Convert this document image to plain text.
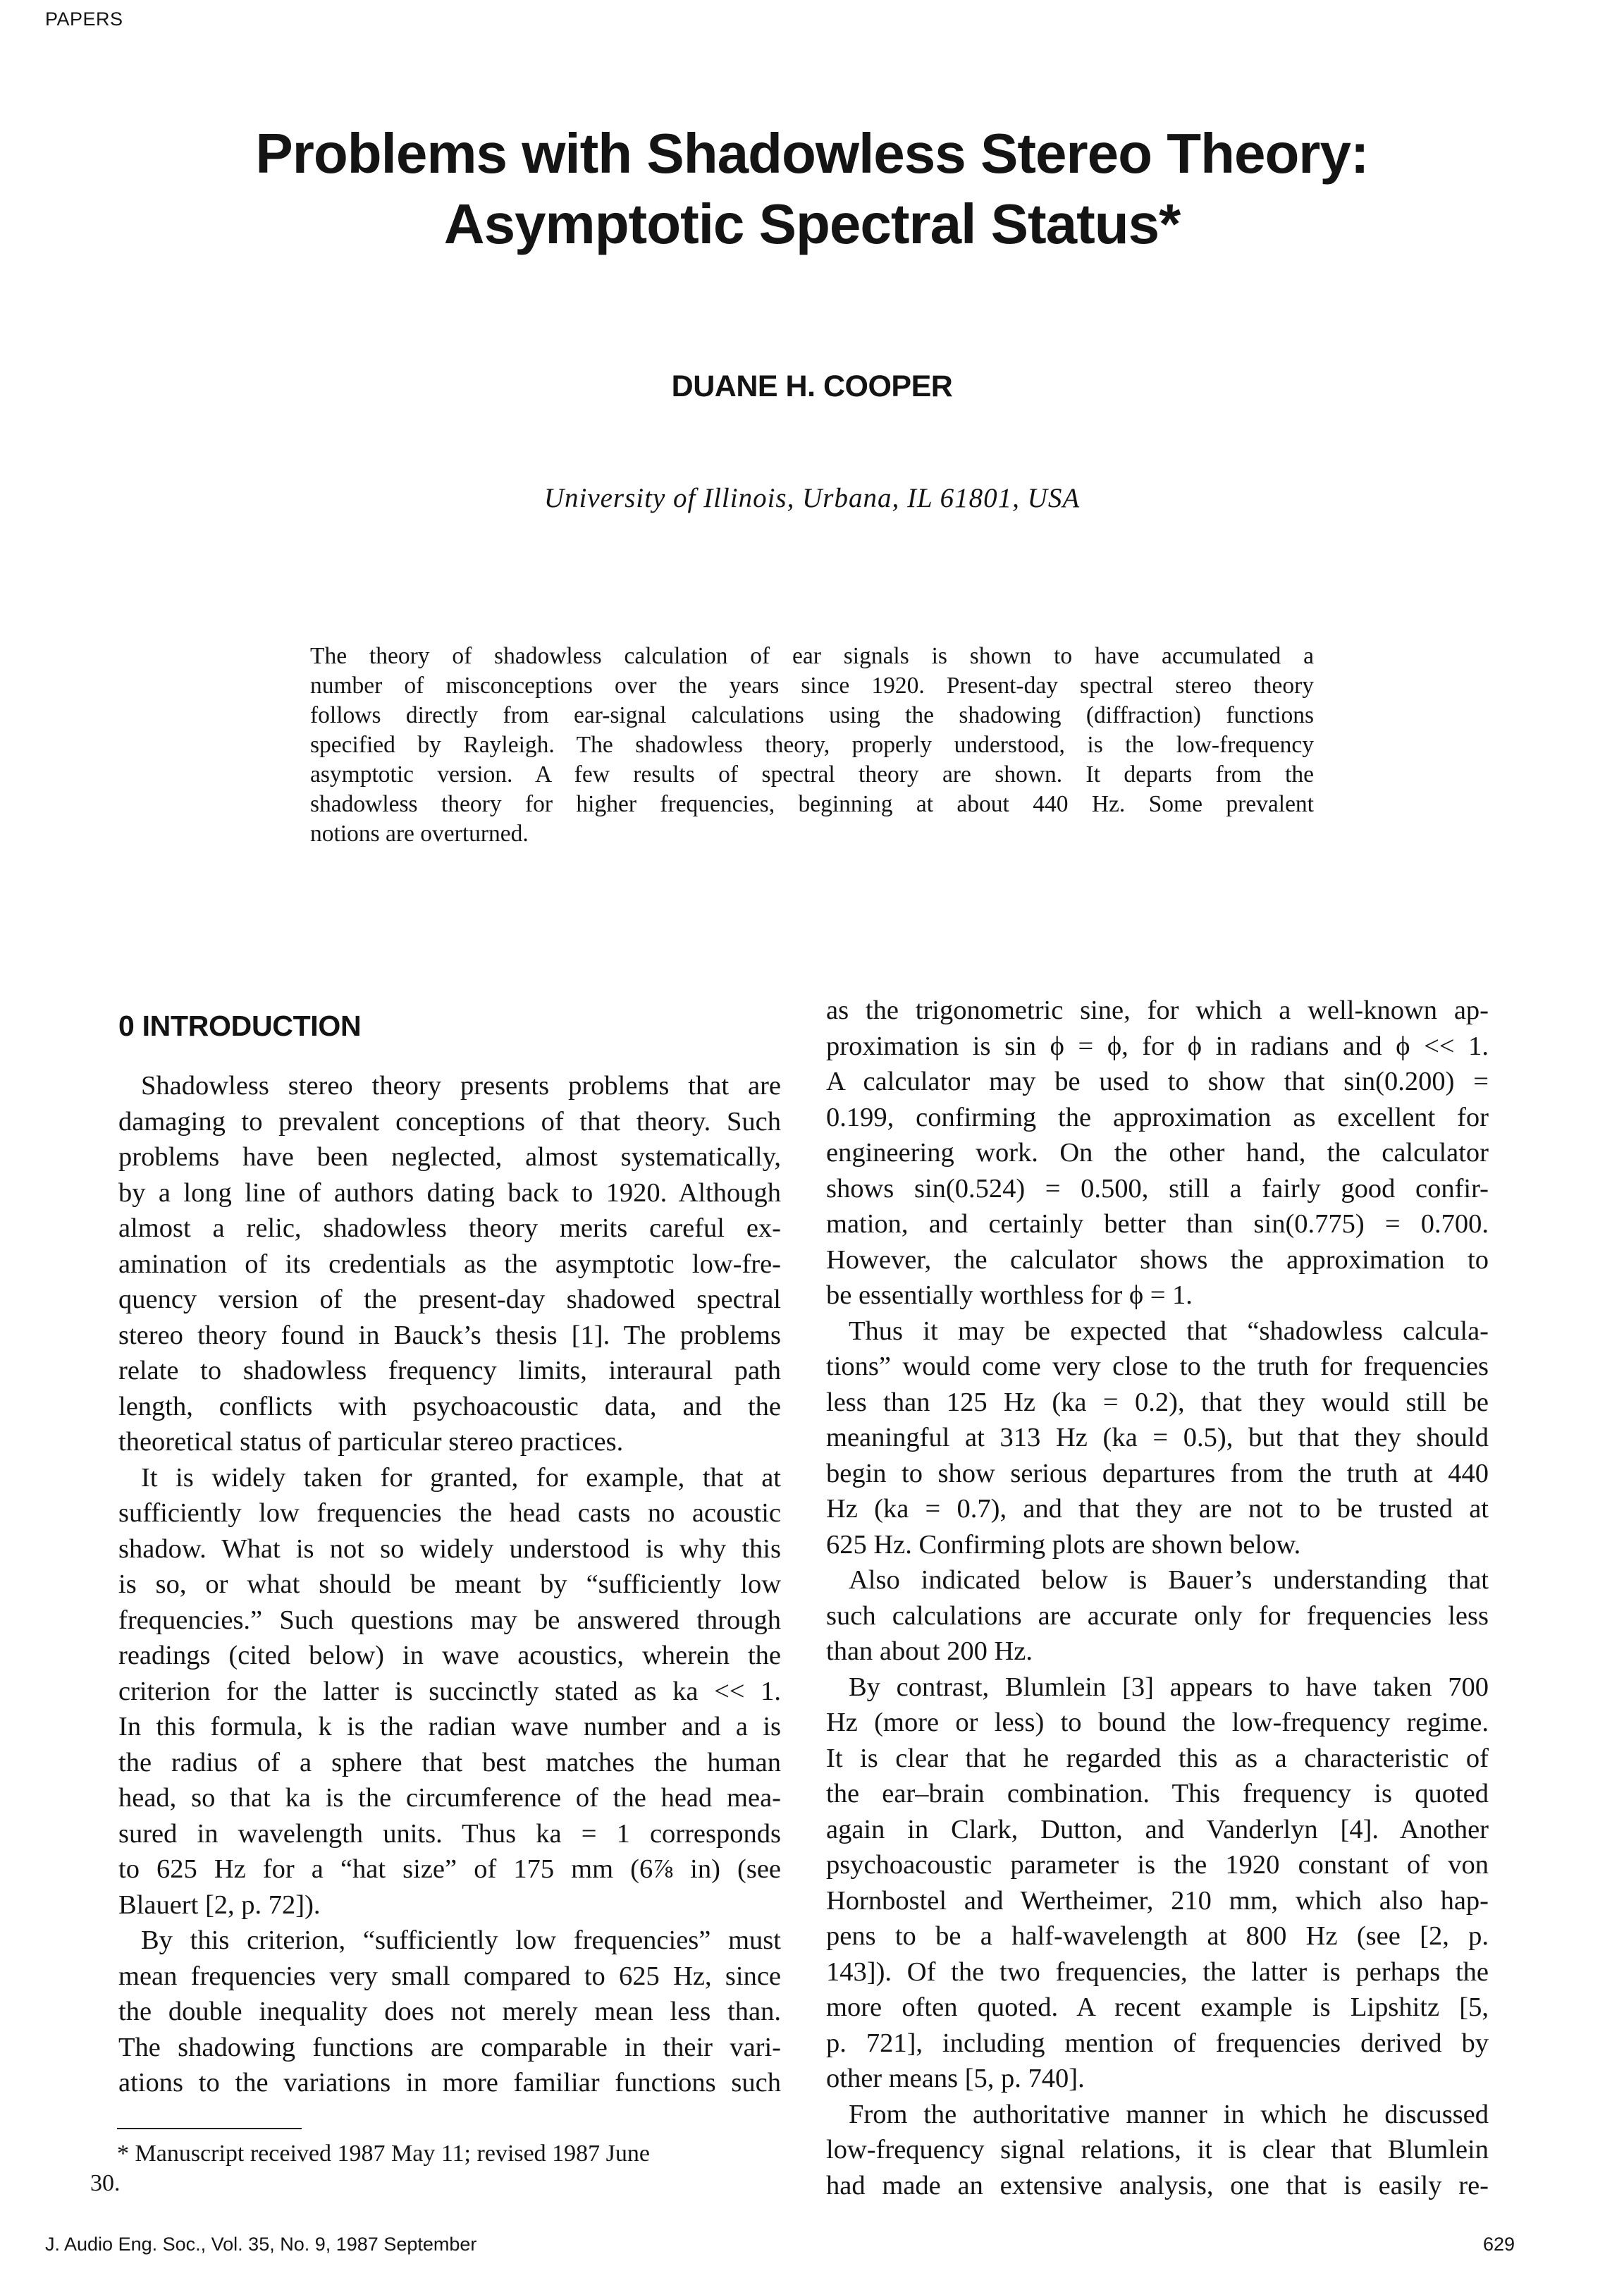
PAPERS
Problems with Shadowless Stereo Theory:
Asymptotic Spectral Status*
DUANE H. COOPER
University of Illinois, Urbana, IL 61801, USA
The theory of shadowless calculation of ear signals is shown to have accumulated a
number of misconceptions over the years since 1920. Present-day spectral stereo theory
follows directly from ear-signal calculations using the shadowing (diffraction) functions
specified by Rayleigh. The shadowless theory, properly understood, is the low-frequency
asymptotic version. A few results of spectral theory are shown. It departs from the
shadowless theory for higher frequencies, beginning at about 440 Hz. Some prevalent
notions are overturned.
0 INTRODUCTION
Shadowless stereo theory presents problems that are
damaging to prevalent conceptions of that theory. Such
problems have been neglected, almost systematically,
by a long line of authors dating back to 1920. Although
almost a relic, shadowless theory merits careful ex-
amination of its credentials as the asymptotic low-fre-
quency version of the present-day shadowed spectral
stereo theory found in Bauck’s thesis [1]. The problems
relate to shadowless frequency limits, interaural path
length, conflicts with psychoacoustic data, and the
theoretical status of particular stereo practices.
It is widely taken for granted, for example, that at
sufficiently low frequencies the head casts no acoustic
shadow. What is not so widely understood is why this
is so, or what should be meant by “sufficiently low
frequencies.” Such questions may be answered through
readings (cited below) in wave acoustics, wherein the
criterion for the latter is succinctly stated as ka << 1.
In this formula, k is the radian wave number and a is
the radius of a sphere that best matches the human
head, so that ka is the circumference of the head mea-
sured in wavelength units. Thus ka = 1 corresponds
to 625 Hz for a “hat size” of 175 mm (6⅞ in) (see
Blauert [2, p. 72]).
By this criterion, “sufficiently low frequencies” must
mean frequencies very small compared to 625 Hz, since
the double inequality does not merely mean less than.
The shadowing functions are comparable in their vari-
ations to the variations in more familiar functions such
as the trigonometric sine, for which a well-known ap-
proximation is sin ϕ = ϕ, for ϕ in radians and ϕ << 1.
A calculator may be used to show that sin(0.200) =
0.199, confirming the approximation as excellent for
engineering work. On the other hand, the calculator
shows sin(0.524) = 0.500, still a fairly good confir-
mation, and certainly better than sin(0.775) = 0.700.
However, the calculator shows the approximation to
be essentially worthless for ϕ = 1.
Thus it may be expected that “shadowless calcula-
tions” would come very close to the truth for frequencies
less than 125 Hz (ka = 0.2), that they would still be
meaningful at 313 Hz (ka = 0.5), but that they should
begin to show serious departures from the truth at 440
Hz (ka = 0.7), and that they are not to be trusted at
625 Hz. Confirming plots are shown below.
Also indicated below is Bauer’s understanding that
such calculations are accurate only for frequencies less
than about 200 Hz.
By contrast, Blumlein [3] appears to have taken 700
Hz (more or less) to bound the low-frequency regime.
It is clear that he regarded this as a characteristic of
the ear–brain combination. This frequency is quoted
again in Clark, Dutton, and Vanderlyn [4]. Another
psychoacoustic parameter is the 1920 constant of von
Hornbostel and Wertheimer, 210 mm, which also hap-
pens to be a half-wavelength at 800 Hz (see [2, p.
143]). Of the two frequencies, the latter is perhaps the
more often quoted. A recent example is Lipshitz [5,
p. 721], including mention of frequencies derived by
other means [5, p. 740].
From the authoritative manner in which he discussed
low-frequency signal relations, it is clear that Blumlein
had made an extensive analysis, one that is easily re-
* Manuscript received 1987 May 11; revised 1987 June
30.
J. Audio Eng. Soc., Vol. 35, No. 9, 1987 September	629
